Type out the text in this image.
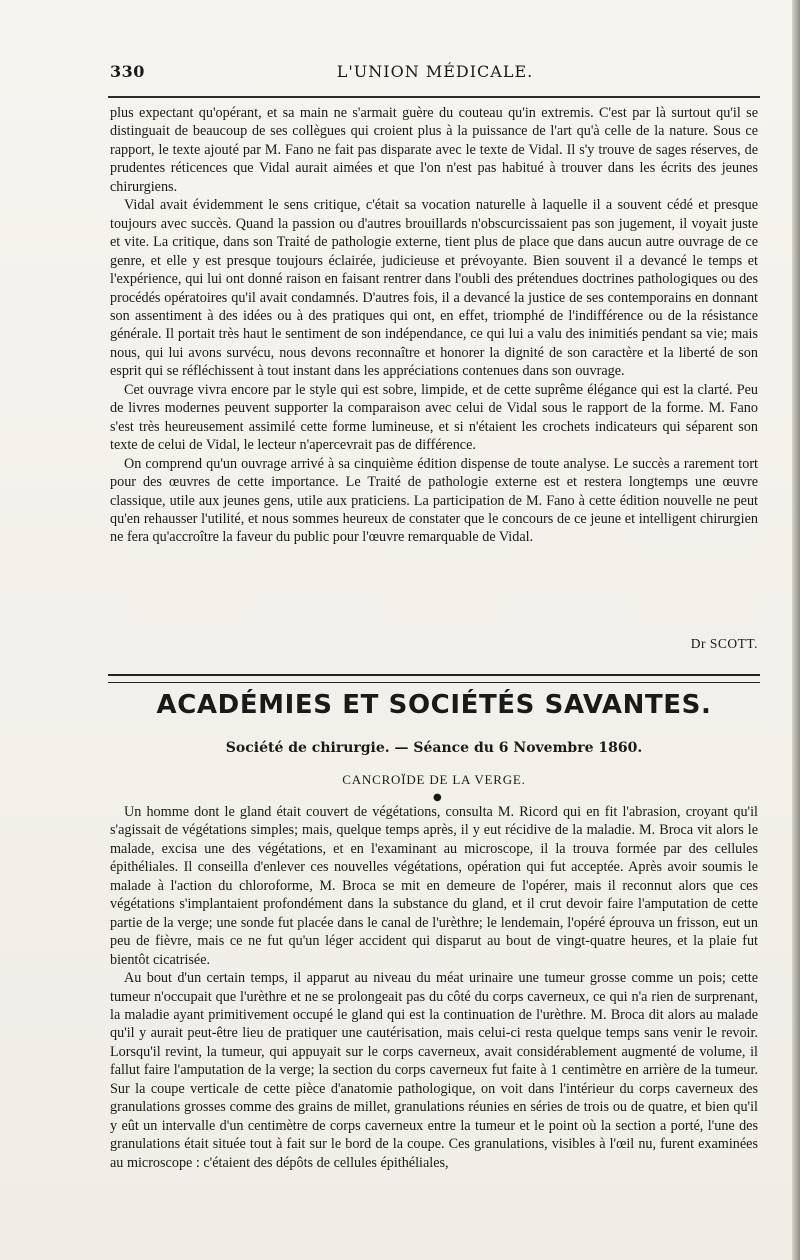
330	L'UNION MÉDICALE.

plus expectant qu'opérant, et sa main ne s'armait guère du couteau qu'in extremis. C'est par là surtout qu'il se distinguait de beaucoup de ses collègues qui croient plus à la puissance de l'art qu'à celle de la nature. Sous ce rapport, le texte ajouté par M. Fano ne fait pas disparate avec le texte de Vidal. Il s'y trouve de sages réserves, de prudentes réticences que Vidal aurait aimées et que l'on n'est pas habitué à trouver dans les écrits des jeunes chirurgiens.

Vidal avait évidemment le sens critique, c'était sa vocation naturelle à laquelle il a souvent cédé et presque toujours avec succès. Quand la passion ou d'autres brouillards n'obscurcissaient pas son jugement, il voyait juste et vite. La critique, dans son Traité de pathologie externe, tient plus de place que dans aucun autre ouvrage de ce genre, et elle y est presque toujours éclairée, judicieuse et prévoyante. Bien souvent il a devancé le temps et l'expérience, qui lui ont donné raison en faisant rentrer dans l'oubli des prétendues doctrines pathologiques ou des procédés opératoires qu'il avait condamnés. D'autres fois, il a devancé la justice de ses contemporains en donnant son assentiment à des idées ou à des pratiques qui ont, en effet, triomphé de l'indifférence ou de la résistance générale. Il portait très haut le sentiment de son indépendance, ce qui lui a valu des inimitiés pendant sa vie; mais nous, qui lui avons survécu, nous devons reconnaître et honorer la dignité de son caractère et la liberté de son esprit qui se réfléchissent à tout instant dans les appréciations contenues dans son ouvrage.

Cet ouvrage vivra encore par le style qui est sobre, limpide, et de cette suprême élégance qui est la clarté. Peu de livres modernes peuvent supporter la comparaison avec celui de Vidal sous le rapport de la forme. M. Fano s'est très heureusement assimilé cette forme lumineuse, et si n'étaient les crochets indicateurs qui séparent son texte de celui de Vidal, le lecteur n'apercevrait pas de différence.

On comprend qu'un ouvrage arrivé à sa cinquième édition dispense de toute analyse. Le succès a rarement tort pour des œuvres de cette importance. Le Traité de pathologie externe est et restera longtemps une œuvre classique, utile aux jeunes gens, utile aux praticiens. La participation de M. Fano à cette édition nouvelle ne peut qu'en rehausser l'utilité, et nous sommes heureux de constater que le concours de ce jeune et intelligent chirurgien ne fera qu'accroître la faveur du public pour l'œuvre remarquable de Vidal.

Dr SCOTT.
ACADÉMIES ET SOCIÉTÉS SAVANTES.
Société de chirurgie. — Séance du 6 Novembre 1860.
CANCROÏDE DE LA VERGE.
●

Un homme dont le gland était couvert de végétations, consulta M. Ricord qui en fit l'abrasion, croyant qu'il s'agissait de végétations simples; mais, quelque temps après, il y eut récidive de la maladie. M. Broca vit alors le malade, excisa une des végétations, et en l'examinant au microscope, il la trouva formée par des cellules épithéliales. Il conseilla d'enlever ces nouvelles végétations, opération qui fut acceptée. Après avoir soumis le malade à l'action du chloroforme, M. Broca se mit en demeure de l'opérer, mais il reconnut alors que ces végétations s'implantaient profondément dans la substance du gland, et il crut devoir faire l'amputation de cette partie de la verge; une sonde fut placée dans le canal de l'urèthre; le lendemain, l'opéré éprouva un frisson, eut un peu de fièvre, mais ce ne fut qu'un léger accident qui disparut au bout de vingt-quatre heures, et la plaie fut bientôt cicatrisée.

Au bout d'un certain temps, il apparut au niveau du méat urinaire une tumeur grosse comme un pois; cette tumeur n'occupait que l'urèthre et ne se prolongeait pas du côté du corps caverneux, ce qui n'a rien de surprenant, la maladie ayant primitivement occupé le gland qui est la continuation de l'urèthre. M. Broca dit alors au malade qu'il y aurait peut-être lieu de pratiquer une cautérisation, mais celui-ci resta quelque temps sans venir le revoir. Lorsqu'il revint, la tumeur, qui appuyait sur le corps caverneux, avait considérablement augmenté de volume, il fallut faire l'amputation de la verge; la section du corps caverneux fut faite à 1 centimètre en arrière de la tumeur. Sur la coupe verticale de cette pièce d'anatomie pathologique, on voit dans l'intérieur du corps caverneux des granulations grosses comme des grains de millet, granulations réunies en séries de trois ou de quatre, et bien qu'il y eût un intervalle d'un centimètre de corps caverneux entre la tumeur et le point où la section a porté, l'une des granulations était située tout à fait sur le bord de la coupe. Ces granulations, visibles à l'œil nu, furent examinées au microscope : c'étaient des dépôts de cellules épithéliales,
